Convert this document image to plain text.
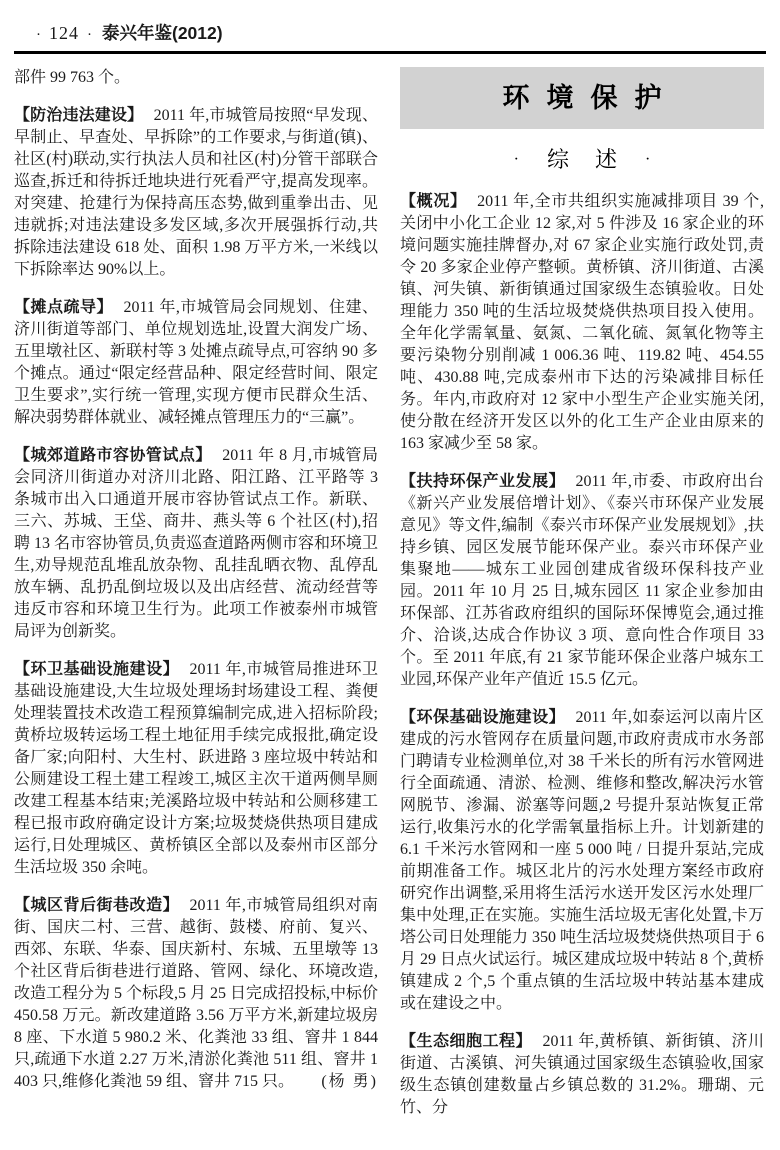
· 124 · 泰兴年鉴(2012)

部件 99 763 个。

【防治违法建设】 2011 年,市城管局按照“早发现、早制止、早查处、早拆除”的工作要求,与街道(镇)、社区(村)联动,实行执法人员和社区(村)分管干部联合巡查,拆迁和待拆迁地块进行死看严守,提高发现率。对突建、抢建行为保持高压态势,做到重拳出击、见违就拆;对违法建设多发区域,多次开展强拆行动,共拆除违法建设 618 处、面积 1.98 万平方米,一米线以下拆除率达 90%以上。

【摊点疏导】 2011 年,市城管局会同规划、住建、济川街道等部门、单位规划选址,设置大润发广场、五里墩社区、新联村等 3 处摊点疏导点,可容纳 90 多个摊点。通过“限定经营品种、限定经营时间、限定卫生要求”,实行统一管理,实现方便市民群众生活、解决弱势群体就业、减轻摊点管理压力的“三赢”。

【城郊道路市容协管试点】 2011 年 8 月,市城管局会同济川街道办对济川北路、阳江路、江平路等 3 条城市出入口通道开展市容协管试点工作。新联、三六、苏城、王垈、商井、燕头等 6 个社区(村),招聘 13 名市容协管员,负责巡查道路两侧市容和环境卫生,劝导规范乱堆乱放杂物、乱挂乱晒衣物、乱停乱放车辆、乱扔乱倒垃圾以及出店经营、流动经营等违反市容和环境卫生行为。此项工作被泰州市城管局评为创新奖。

【环卫基础设施建设】 2011 年,市城管局推进环卫基础设施建设,大生垃圾处理场封场建设工程、粪便处理装置技术改造工程预算编制完成,进入招标阶段;黄桥垃圾转运场工程土地征用手续完成报批,确定设备厂家;向阳村、大生村、跃进路 3 座垃圾中转站和公厕建设工程土建工程竣工,城区主次干道两侧旱厕改建工程基本结束;羌溪路垃圾中转站和公厕移建工程已报市政府确定设计方案;垃圾焚烧供热项目建成运行,日处理城区、黄桥镇区全部以及泰州市区部分生活垃圾 350 余吨。

【城区背后街巷改造】 2011 年,市城管局组织对南街、国庆二村、三营、越街、鼓楼、府前、复兴、西郊、东联、华泰、国庆新村、东城、五里墩等 13 个社区背后街巷进行道路、管网、绿化、环境改造,改造工程分为 5 个标段,5 月 25 日完成招投标,中标价 450.58 万元。新改建道路 3.56 万平方米,新建垃圾房 8 座、下水道 5 980.2 米、化粪池 33 组、窨井 1 844 只,疏通下水道 2.27 万米,清淤化粪池 511 组、窨井 1 403 只,维修化粪池 59 组、窨井 715 只。 (杨 勇)

环境保护
·	综述 ·

【概况】 2011 年,全市共组织实施减排项目 39 个,关闭中小化工企业 12 家,对 5 件涉及 16 家企业的环境问题实施挂牌督办,对 67 家企业实施行政处罚,责令 20 多家企业停产整顿。黄桥镇、济川街道、古溪镇、河失镇、新街镇通过国家级生态镇验收。日处理能力 350 吨的生活垃圾焚烧供热项目投入使用。全年化学需氧量、氨氮、二氧化硫、氮氧化物等主要污染物分别削减 1 006.36 吨、119.82 吨、454.55 吨、430.88 吨,完成泰州市下达的污染减排目标任务。年内,市政府对 12 家中小型生产企业实施关闭,使分散在经济开发区以外的化工生产企业由原来的 163 家减少至 58 家。

【扶持环保产业发展】 2011 年,市委、市政府出台《新兴产业发展倍增计划》、《泰兴市环保产业发展意见》等文件,编制《泰兴市环保产业发展规划》,扶持乡镇、园区发展节能环保产业。泰兴市环保产业集聚地——城东工业园创建成省级环保科技产业园。2011 年 10 月 25 日,城东园区 11 家企业参加由环保部、江苏省政府组织的国际环保博览会,通过推介、洽谈,达成合作协议 3 项、意向性合作项目 33 个。至 2011 年底,有 21 家节能环保企业落户城东工业园,环保产业年产值近 15.5 亿元。

【环保基础设施建设】 2011 年,如泰运河以南片区建成的污水管网存在质量问题,市政府责成市水务部门聘请专业检测单位,对 38 千米长的所有污水管网进行全面疏通、清淤、检测、维修和整改,解决污水管网脱节、渗漏、淤塞等问题,2 号提升泵站恢复正常运行,收集污水的化学需氧量指标上升。计划新建的 6.1 千米污水管网和一座 5 000 吨 / 日提升泵站,完成前期准备工作。城区北片的污水处理方案经市政府研究作出调整,采用将生活污水送开发区污水处理厂集中处理,正在实施。实施生活垃圾无害化处置,卡万塔公司日处理能力 350 吨生活垃圾焚烧供热项目于 6 月 29 日点火试运行。城区建成垃圾中转站 8 个,黄桥镇建成 2 个,5 个重点镇的生活垃圾中转站基本建成或在建设之中。

【生态细胞工程】 2011 年,黄桥镇、新街镇、济川街道、古溪镇、河失镇通过国家级生态镇验收,国家级生态镇创建数量占乡镇总数的 31.2%。珊瑚、元竹、分
